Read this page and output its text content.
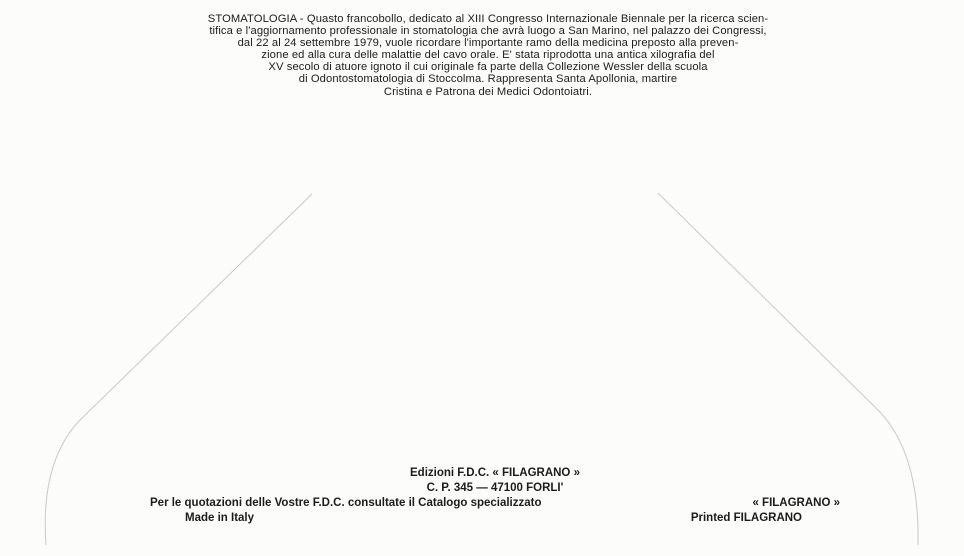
STOMATOLOGIA - Quasto francobollo, dedicato al XIII Congresso Internazionale Biennale per la ricerca scien-
tifica e l'aggiornamento professionale in stomatologia che avrà luogo a San Marino, nel palazzo dei Congressi,
dal 22 al 24 settembre 1979, vuole ricordare l'importante ramo della medicina preposto alla preven-
zione ed alla cura delle malattie del cavo orale. E' stata riprodotta una antica xilografia del
XV secolo di atuore ignoto il cui originale fa parte della Collezione Wessler della scuola
di Odontostomatologia di Stoccolma. Rappresenta Santa Apollonia, martire
Cristina e Patrona dei Medici Odontoiatri.
Edizioni F.D.C. « FILAGRANO »
C. P. 345 — 47100 FORLI'
Per le quotazioni delle Vostre F.D.C. consultate il Catalogo specializzato	« FILAGRANO »
Made in Italy	Printed FILAGRANO
